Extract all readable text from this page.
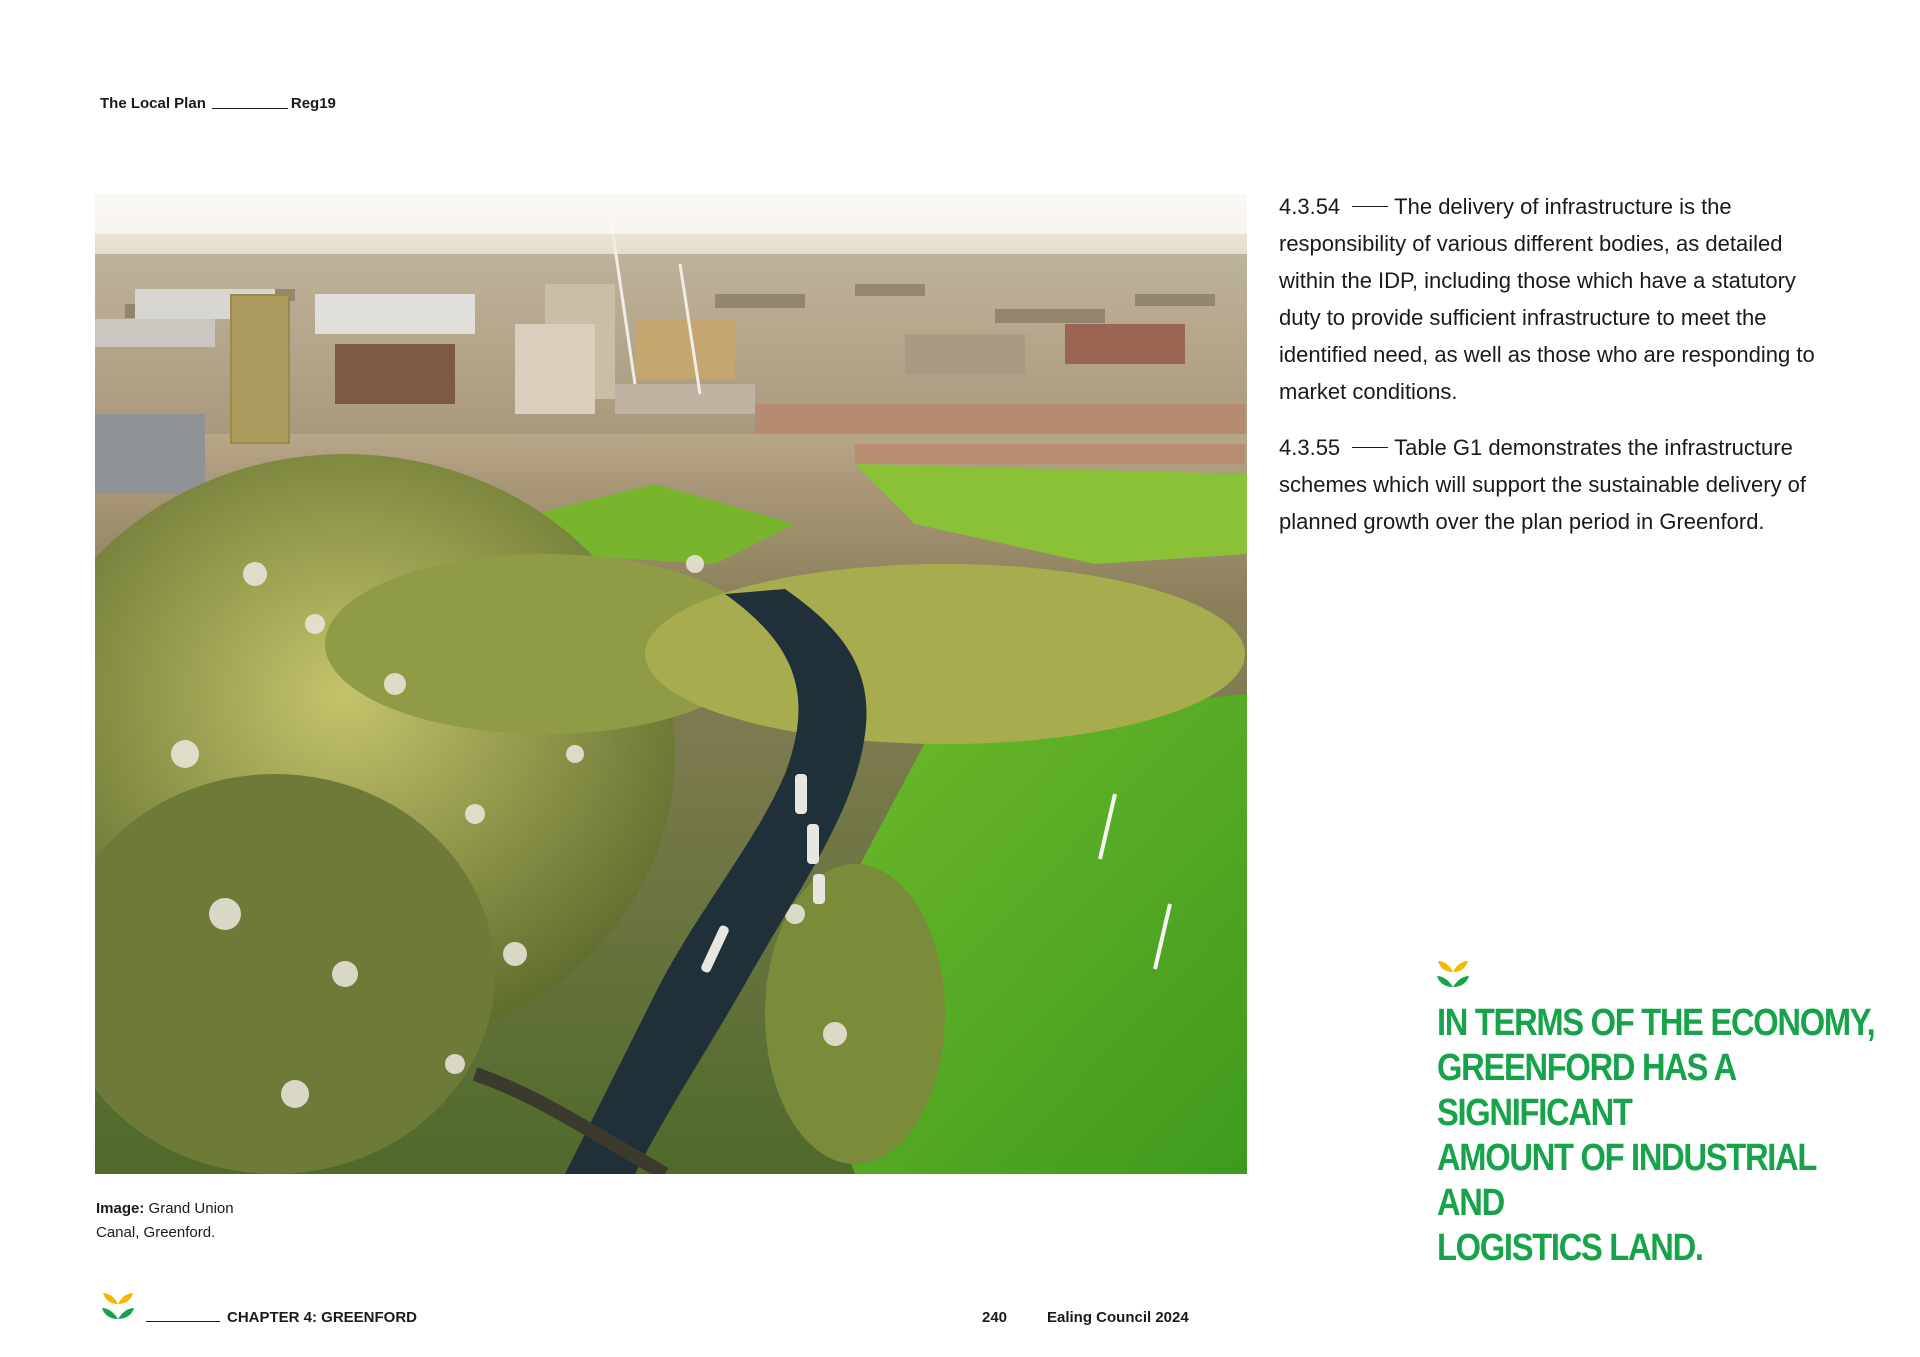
The Local Plan	Reg19

4.3.54 The delivery of infrastructure is the responsibility of various different bodies, as detailed within the IDP, including those which have a statutory duty to provide sufficient infrastructure to meet the identified need, as well as those who are responding to market conditions.

4.3.55 Table G1 demonstrates the infrastructure schemes which will support the sustainable delivery of planned growth over the plan period in Greenford.

IN TERMS OF THE ECONOMY,
GREENFORD HAS A SIGNIFICANT
AMOUNT OF INDUSTRIAL AND
LOGISTICS LAND.
Image: Grand Union
Canal, Greenford.
CHAPTER 4: GREENFORD	240	Ealing Council 2024
